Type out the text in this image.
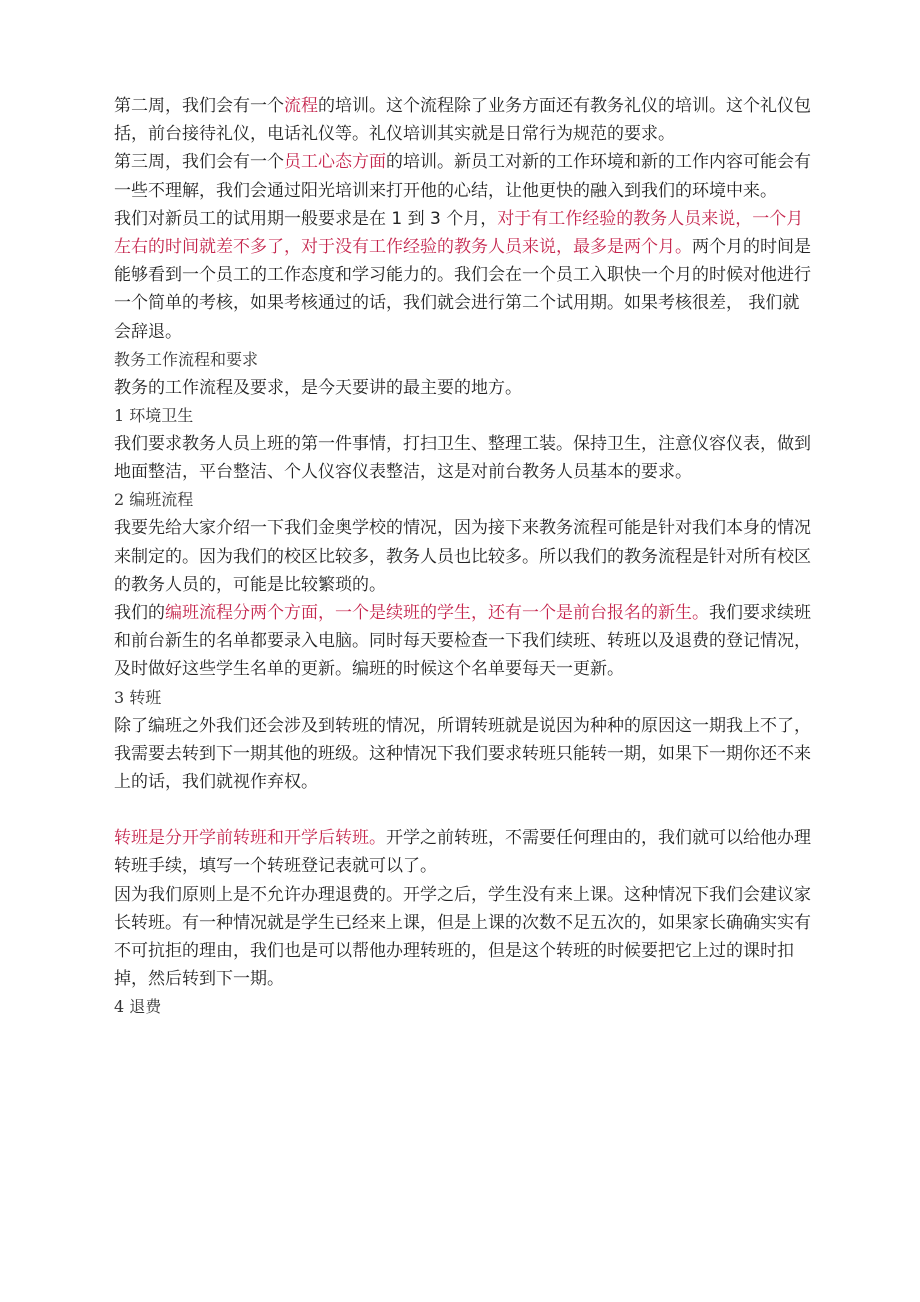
第二周，我们会有一个流程的培训。这个流程除了业务方面还有教务礼仪的培训。这个礼仪包括，前台接待礼仪，电话礼仪等。礼仪培训其实就是日常行为规范的要求。

第三周，我们会有一个员工心态方面的培训。新员工对新的工作环境和新的工作内容可能会有一些不理解，我们会通过阳光培训来打开他的心结，让他更快的融入到我们的环境中来。

我们对新员工的试用期一般要求是在 1 到 3 个月，对于有工作经验的教务人员来说，一个月左右的时间就差不多了，对于没有工作经验的教务人员来说，最多是两个月。两个月的时间是能够看到一个员工的工作态度和学习能力的。我们会在一个员工入职快一个月的时候对他进行一个简单的考核，如果考核通过的话，我们就会进行第二个试用期。如果考核很差， 我们就会辞退。

教务工作流程和要求

教务的工作流程及要求，是今天要讲的最主要的地方。

1 环境卫生

我们要求教务人员上班的第一件事情，打扫卫生、整理工装。保持卫生，注意仪容仪表，做到地面整洁，平台整洁、个人仪容仪表整洁，这是对前台教务人员基本的要求。

2 编班流程

我要先给大家介绍一下我们金奥学校的情况，因为接下来教务流程可能是针对我们本身的情况来制定的。因为我们的校区比较多，教务人员也比较多。所以我们的教务流程是针对所有校区的教务人员的，可能是比较繁琐的。

我们的编班流程分两个方面，一个是续班的学生，还有一个是前台报名的新生。我们要求续班和前台新生的名单都要录入电脑。同时每天要检查一下我们续班、转班以及退费的登记情况，及时做好这些学生名单的更新。编班的时候这个名单要每天一更新。

3 转班

除了编班之外我们还会涉及到转班的情况，所谓转班就是说因为种种的原因这一期我上不了，我需要去转到下一期其他的班级。这种情况下我们要求转班只能转一期，如果下一期你还不来上的话，我们就视作弃权。

转班是分开学前转班和开学后转班。开学之前转班，不需要任何理由的，我们就可以给他办理转班手续，填写一个转班登记表就可以了。

因为我们原则上是不允许办理退费的。开学之后，学生没有来上课。这种情况下我们会建议家长转班。有一种情况就是学生已经来上课，但是上课的次数不足五次的，如果家长确确实实有不可抗拒的理由，我们也是可以帮他办理转班的，但是这个转班的时候要把它上过的课时扣掉，然后转到下一期。

4 退费
